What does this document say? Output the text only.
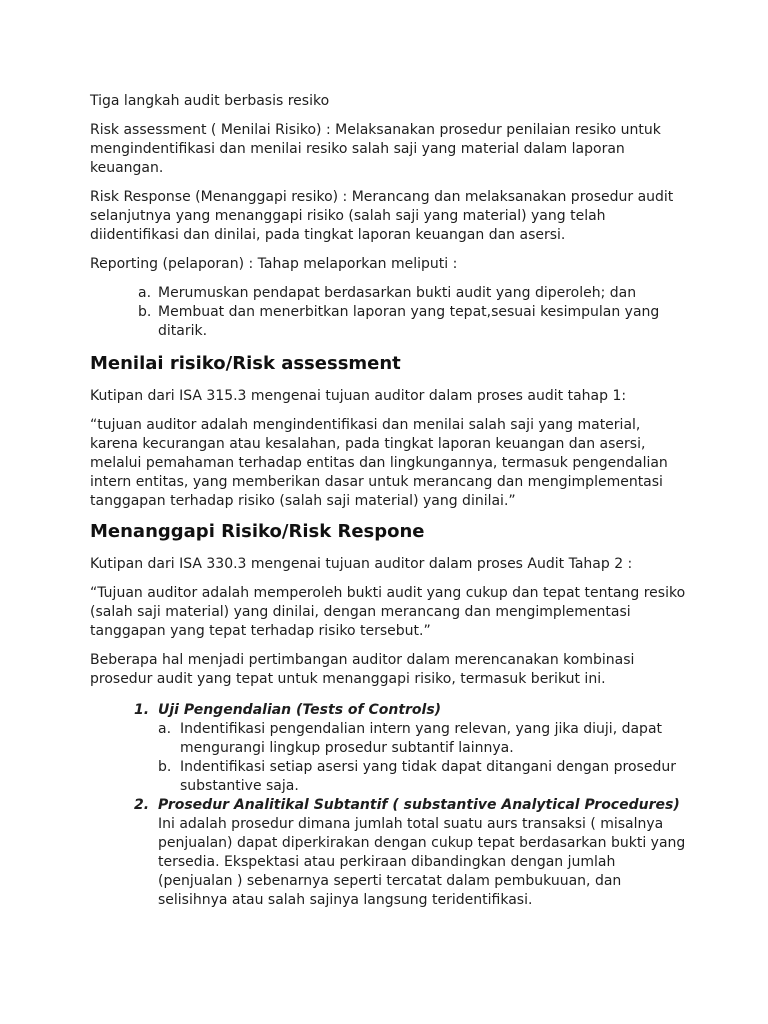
Tiga langkah audit berbasis resiko
Risk assessment ( Menilai Risiko) : Melaksanakan prosedur penilaian resiko untuk mengindentifikasi dan menilai resiko salah saji yang material dalam laporan keuangan.
Risk Response (Menanggapi resiko) : Merancang dan melaksanakan prosedur audit selanjutnya yang menanggapi risiko (salah saji yang material) yang telah diidentifikasi dan dinilai, pada tingkat laporan keuangan dan asersi.
Reporting (pelaporan) : Tahap melaporkan meliputi :
a. Merumuskan pendapat berdasarkan bukti audit yang diperoleh; dan
b. Membuat dan menerbitkan laporan yang tepat,sesuai kesimpulan yang ditarik.
Menilai risiko/Risk assessment
Kutipan dari ISA 315.3 mengenai tujuan auditor dalam proses audit tahap 1:
“tujuan auditor adalah mengindentifikasi dan menilai salah saji yang material, karena kecurangan atau kesalahan, pada tingkat laporan keuangan dan asersi, melalui pemahaman terhadap entitas dan lingkungannya, termasuk pengendalian intern entitas, yang memberikan dasar untuk merancang dan mengimplementasi tanggapan terhadap risiko (salah saji material) yang dinilai.”
Menanggapi Risiko/Risk Respone
Kutipan dari ISA 330.3 mengenai tujuan auditor dalam proses Audit Tahap 2 :
“Tujuan auditor adalah memperoleh bukti audit yang cukup dan tepat tentang resiko (salah saji material) yang dinilai, dengan merancang dan mengimplementasi tanggapan yang tepat terhadap risiko tersebut.”
Beberapa hal menjadi pertimbangan auditor dalam merencanakan kombinasi prosedur audit yang tepat untuk menanggapi risiko, termasuk berikut ini.
1. Uji Pengendalian (Tests of Controls)
a. Indentifikasi pengendalian intern yang relevan, yang jika diuji, dapat mengurangi lingkup prosedur subtantif lainnya.
b. Indentifikasi setiap asersi yang tidak dapat ditangani dengan prosedur substantive saja.
2. Prosedur Analitikal Subtantif ( substantive Analytical Procedures)
Ini adalah prosedur dimana jumlah total suatu aurs transaksi ( misalnya penjualan) dapat diperkirakan dengan cukup tepat berdasarkan bukti yang tersedia. Ekspektasi atau perkiraan dibandingkan dengan jumlah (penjualan ) sebenarnya seperti tercatat dalam pembukuuan, dan selisihnya atau salah sajinya langsung teridentifikasi.
